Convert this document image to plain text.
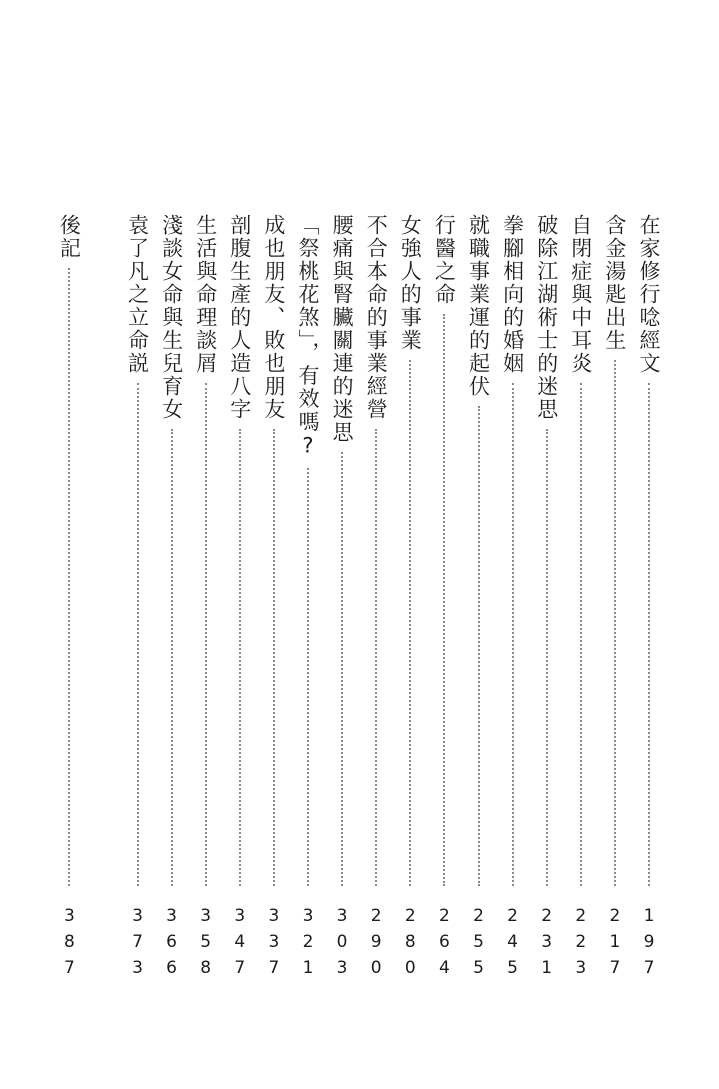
在家修行唸經文
197
含金湯匙出生
217
自閉症與中耳炎
223
破除江湖術士的迷思
231
拳腳相向的婚姻
245
就職事業運的起伏
255
行醫之命
264
女強人的事業
280
不合本命的事業經營
290
腰痛與腎臟關連的迷思
303
「祭桃花煞」，有效嗎?
321
成也朋友、敗也朋友
337
剖腹生產的人造八字
347
生活與命理談屑
358
淺談女命與生兒育女
366
袁了凡之立命説
373
後記
387
